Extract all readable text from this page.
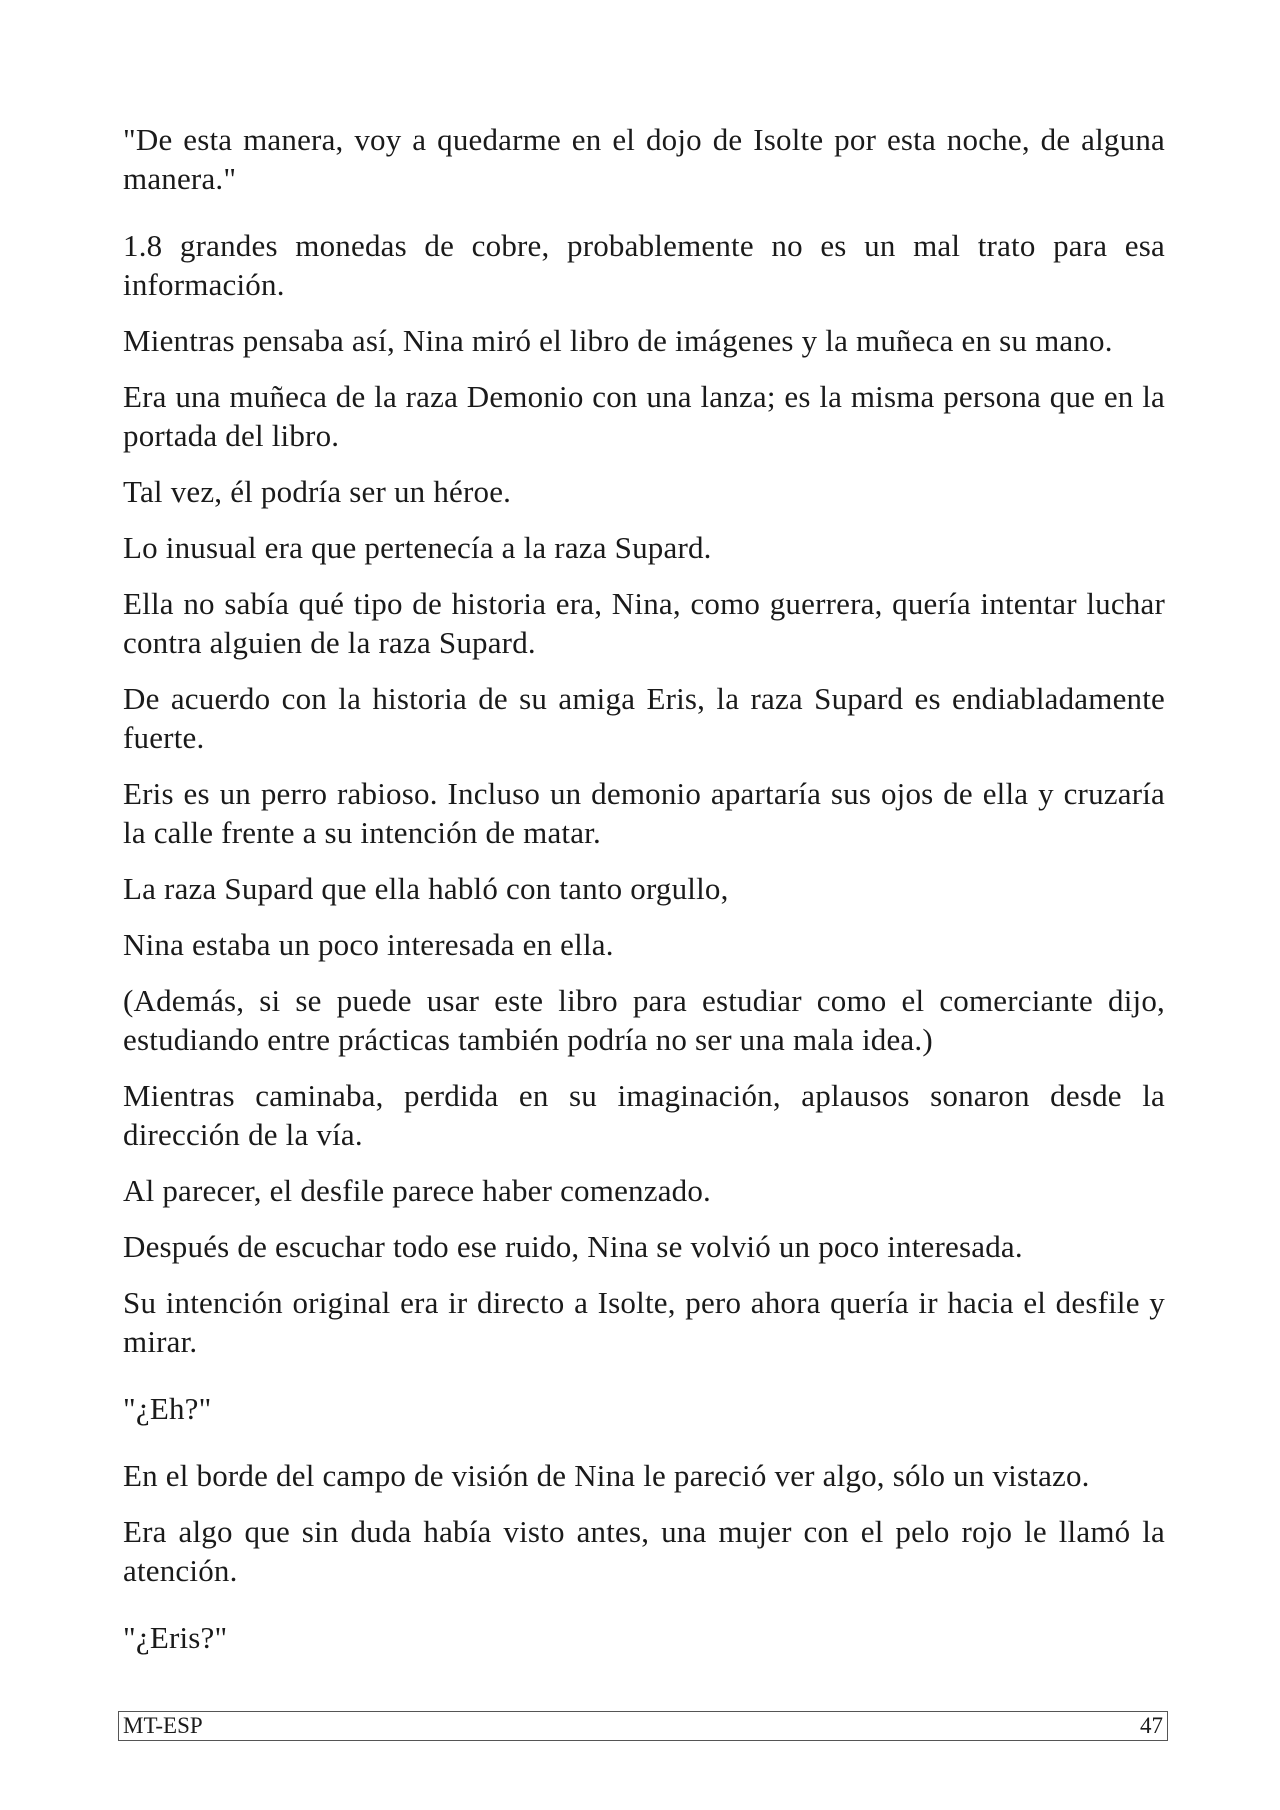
"De esta manera, voy a quedarme en el dojo de Isolte por esta noche, de alguna manera."

1.8 grandes monedas de cobre, probablemente no es un mal trato para esa información.

Mientras pensaba así, Nina miró el libro de imágenes y la muñeca en su mano.

Era una muñeca de la raza Demonio con una lanza; es la misma persona que en la portada del libro.

Tal vez, él podría ser un héroe.

Lo inusual era que pertenecía a la raza Supard.

Ella no sabía qué tipo de historia era, Nina, como guerrera, quería intentar luchar contra alguien de la raza Supard.

De acuerdo con la historia de su amiga Eris, la raza Supard es endiabladamente fuerte.

Eris es un perro rabioso. Incluso un demonio apartaría sus ojos de ella y cruzaría la calle frente a su intención de matar.

La raza Supard que ella habló con tanto orgullo,

Nina estaba un poco interesada en ella.

(Además, si se puede usar este libro para estudiar como el comerciante dijo, estudiando entre prácticas también podría no ser una mala idea.)

Mientras caminaba, perdida en su imaginación, aplausos sonaron desde la dirección de la vía.

Al parecer, el desfile parece haber comenzado.

Después de escuchar todo ese ruido, Nina se volvió un poco interesada.

Su intención original era ir directo a Isolte, pero ahora quería ir hacia el desfile y mirar.

"¿Eh?"

En el borde del campo de visión de Nina le pareció ver algo, sólo un vistazo.

Era algo que sin duda había visto antes, una mujer con el pelo rojo le llamó la atención.

"¿Eris?"

MT-ESP	47
